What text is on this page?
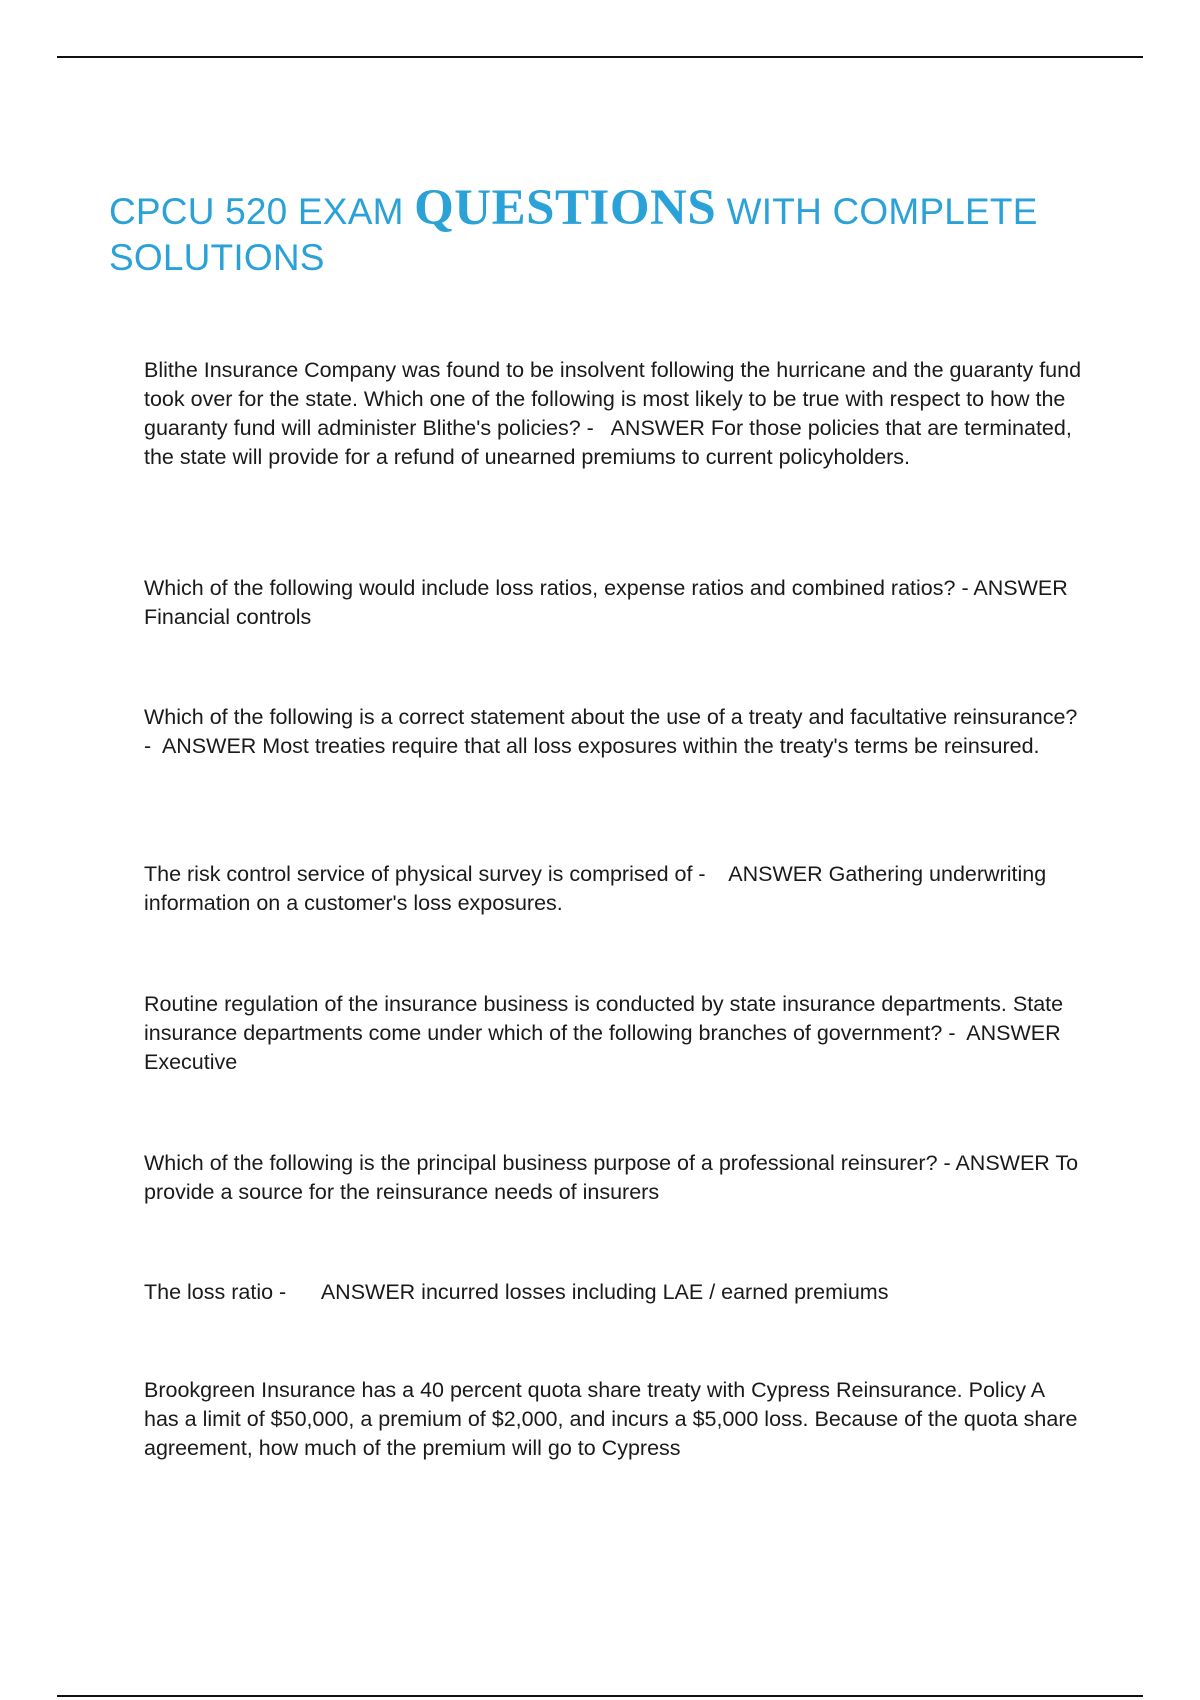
CPCU 520 EXAM QUESTIONS WITH COMPLETE SOLUTIONS

Blithe Insurance Company was found to be insolvent following the hurricane and the guaranty fund took over for the state. Which one of the following is most likely to be true with respect to how the guaranty fund will administer Blithe's policies? - ANSWER For those policies that are terminated, the state will provide for a refund of unearned premiums to current policyholders.

Which of the following would include loss ratios, expense ratios and combined ratios? - ANSWER Financial controls

Which of the following is a correct statement about the use of a treaty and facultative reinsurance? - ANSWER Most treaties require that all loss exposures within the treaty's terms be reinsured.

The risk control service of physical survey is comprised of - ANSWER Gathering underwriting information on a customer's loss exposures.

Routine regulation of the insurance business is conducted by state insurance departments. State insurance departments come under which of the following branches of government? - ANSWER Executive

Which of the following is the principal business purpose of a professional reinsurer? - ANSWER To provide a source for the reinsurance needs of insurers

The loss ratio - ANSWER incurred losses including LAE / earned premiums

Brookgreen Insurance has a 40 percent quota share treaty with Cypress Reinsurance. Policy A has a limit of $50,000, a premium of $2,000, and incurs a $5,000 loss. Because of the quota share agreement, how much of the premium will go to Cypress
